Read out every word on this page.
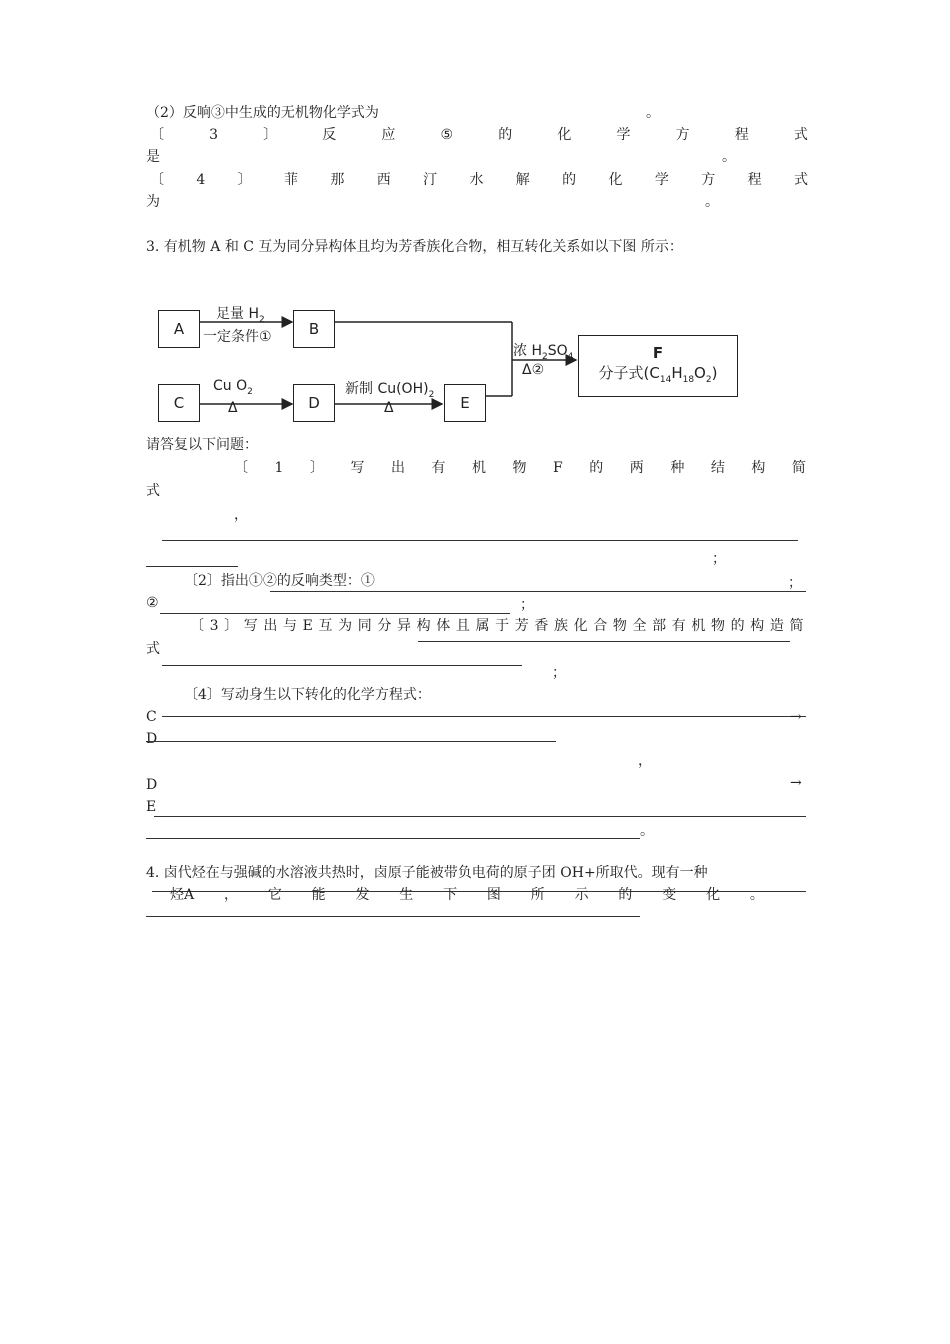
（2）反响③中生成的无机物化学式为	。
〔	3	〕	反	应	⑤	的	化	学	方	程	式
是	。
〔 4 〕 菲 那 西 汀 水 解 的 化 学 方 程 式
为	。
3. 有机物 A 和 C 互为同分异构体且均为芳香族化合物，相互转化关系如以下图 所示：
A	B
C	D	E
F
分子式$(C_{14}H_{18}O_2)$
足量 $H_2$
一定条件①
Cu $O_2$
Δ
新制 $Cu(OH)_2$
Δ
浓 $H_2SO_4$
Δ②
请答复以下问题：
〔 1 〕 写 出 有 机 物 F 的 两 种 结 构 简
式
，
；
〔2〕指出①②的反响类型：①	；
②	；
〔 3 〕 写 出 与 E 互 为 同 分 异 构 体 且 属 于 芳 香 族 化 合 物 全 部 有 机 物 的 构 造 简
式
；
〔4〕写动身生以下转化的化学方程式：
C	→
D
，
D	→
E
。
4. 卤代烃在与强碱的水溶液共热时，卤原子能被带负电荷的原子团 OH+所取代。现有一种
烃A ， 它 能 发 生 下 图 所 示 的 变 化 。
